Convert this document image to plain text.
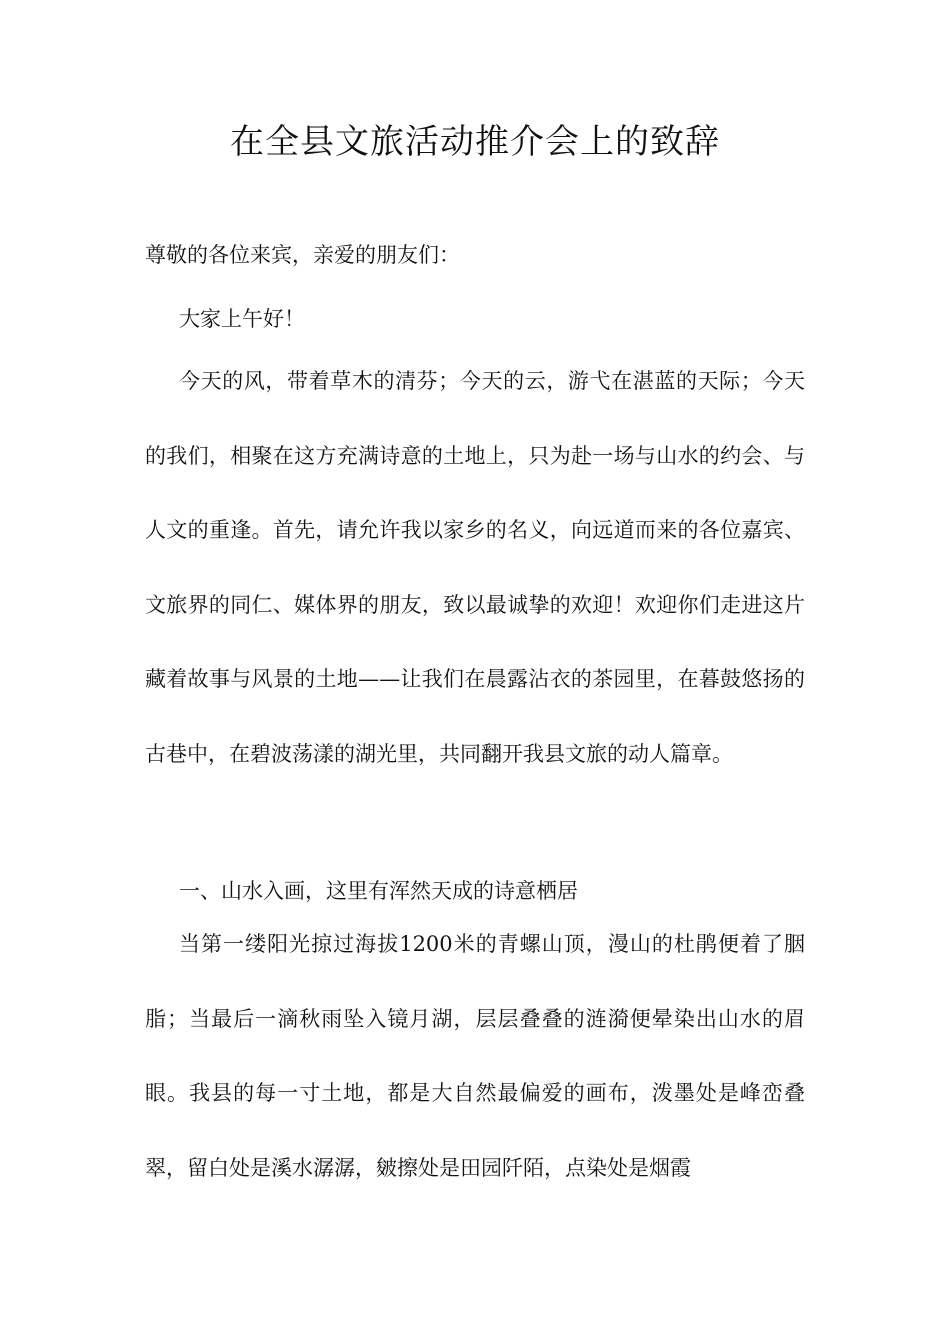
在全县文旅活动推介会上的致辞

尊敬的各位来宾，亲爱的朋友们：

大家上午好！

今天的风，带着草木的清芬；今天的云，游弋在湛蓝的天际；今天的我们，相聚在这方充满诗意的土地上，只为赴一场与山水的约会、与人文的重逢。首先，请允许我以家乡的名义，向远道而来的各位嘉宾、文旅界的同仁、媒体界的朋友，致以最诚挚的欢迎！欢迎你们走进这片藏着故事与风景的土地——让我们在晨露沾衣的茶园里，在暮鼓悠扬的古巷中，在碧波荡漾的湖光里，共同翻开我县文旅的动人篇章。

一、山水入画，这里有浑然天成的诗意栖居

当第一缕阳光掠过海拔1200米的青螺山顶，漫山的杜鹃便着了胭脂；当最后一滴秋雨坠入镜月湖，层层叠叠的涟漪便晕染出山水的眉眼。我县的每一寸土地，都是大自然最偏爱的画布，泼墨处是峰峦叠翠，留白处是溪水潺潺，皴擦处是田园阡陌，点染处是烟霞
